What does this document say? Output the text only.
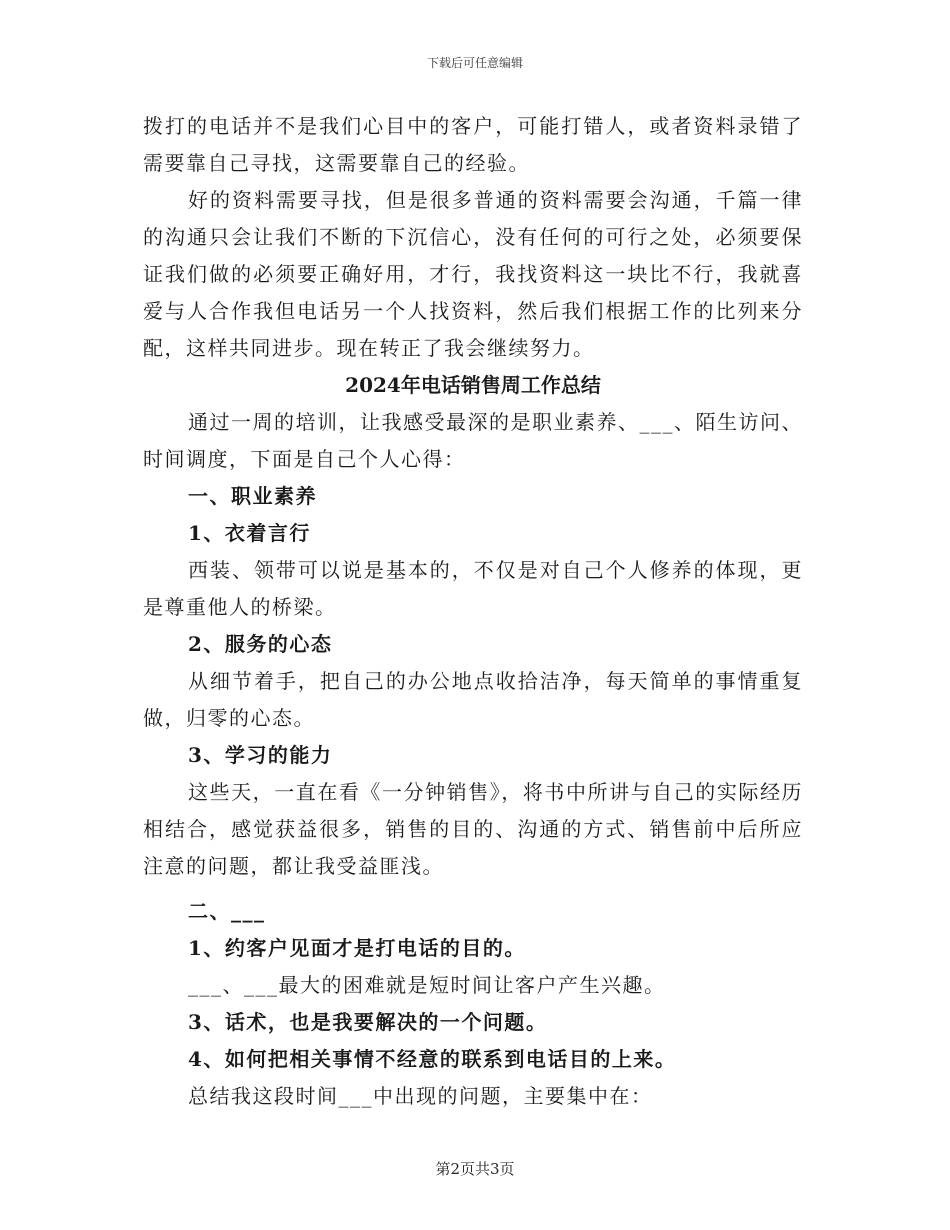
下载后可任意编辑

拨打的电话并不是我们心目中的客户，可能打错人，或者资料录错了需要靠自己寻找，这需要靠自己的经验。

好的资料需要寻找，但是很多普通的资料需要会沟通，千篇一律的沟通只会让我们不断的下沉信心，没有任何的可行之处，必须要保证我们做的必须要正确好用，才行，我找资料这一块比不行，我就喜爱与人合作我但电话另一个人找资料，然后我们根据工作的比列来分配，这样共同进步。现在转正了我会继续努力。

2024年电话销售周工作总结

通过一周的培训，让我感受最深的是职业素养、___、陌生访问、时间调度，下面是自己个人心得：

一、职业素养

1、衣着言行

西装、领带可以说是基本的，不仅是对自己个人修养的体现，更是尊重他人的桥梁。

2、服务的心态

从细节着手，把自己的办公地点收拾洁净，每天简单的事情重复做，归零的心态。

3、学习的能力

这些天，一直在看《一分钟销售》，将书中所讲与自己的实际经历相结合，感觉获益很多，销售的目的、沟通的方式、销售前中后所应注意的问题，都让我受益匪浅。

二、___

1、约客户见面才是打电话的目的。

___、___最大的困难就是短时间让客户产生兴趣。

3、话术，也是我要解决的一个问题。

4、如何把相关事情不经意的联系到电话目的上来。

总结我这段时间___中出现的问题，主要集中在：

第2页共3页
